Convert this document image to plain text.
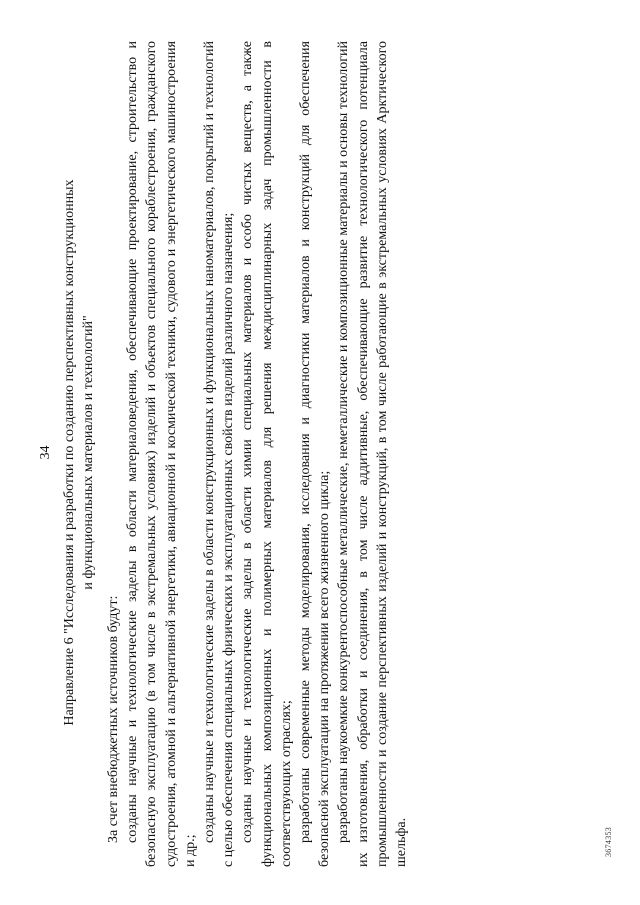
34 Направление 6 "Исследования и разработки по созданию перспективных конструкционных и функциональных материалов и технологий"

За счет внебюджетных источников будут: созданы научные и технологические заделы в области материаловедения, обеспечивающие проектирование, строительство и безопасную эксплуатацию (в том числе в экстремальных условиях) изделий и объектов специального кораблестроения, гражданского судостроения, атомной и альтернативной энергетики, авиационной и космической техники, судового и энергетического машиностроения и др.;

созданы научные и технологические заделы в области конструкционных и функциональных наноматериалов, покрытий и технологий с целью обеспечения специальных физических и эксплуатационных свойств изделий различного назначения; созданы научные и технологические заделы в области химии специальных материалов и особо чистых веществ, а также функциональных композиционных и полимерных материалов для решения междисциплинарных задач промышленности в соответствующих отраслях; разработаны современные методы моделирования, исследования и диагностики материалов и конструкций для обеспечения безопасной эксплуатации на протяжении всего жизненного цикла; разработаны наукоемкие конкурентоспособные металлические, неметаллические и композиционные материалы и основы технологий их изготовления, обработки и соединения, в том числе аддитивные, обеспечивающие развитие технологического потенциала промышленности и создание перспективных изделий и конструкций, в том числе работающие в экстремальных условиях Арктического шельфа.	3674353
